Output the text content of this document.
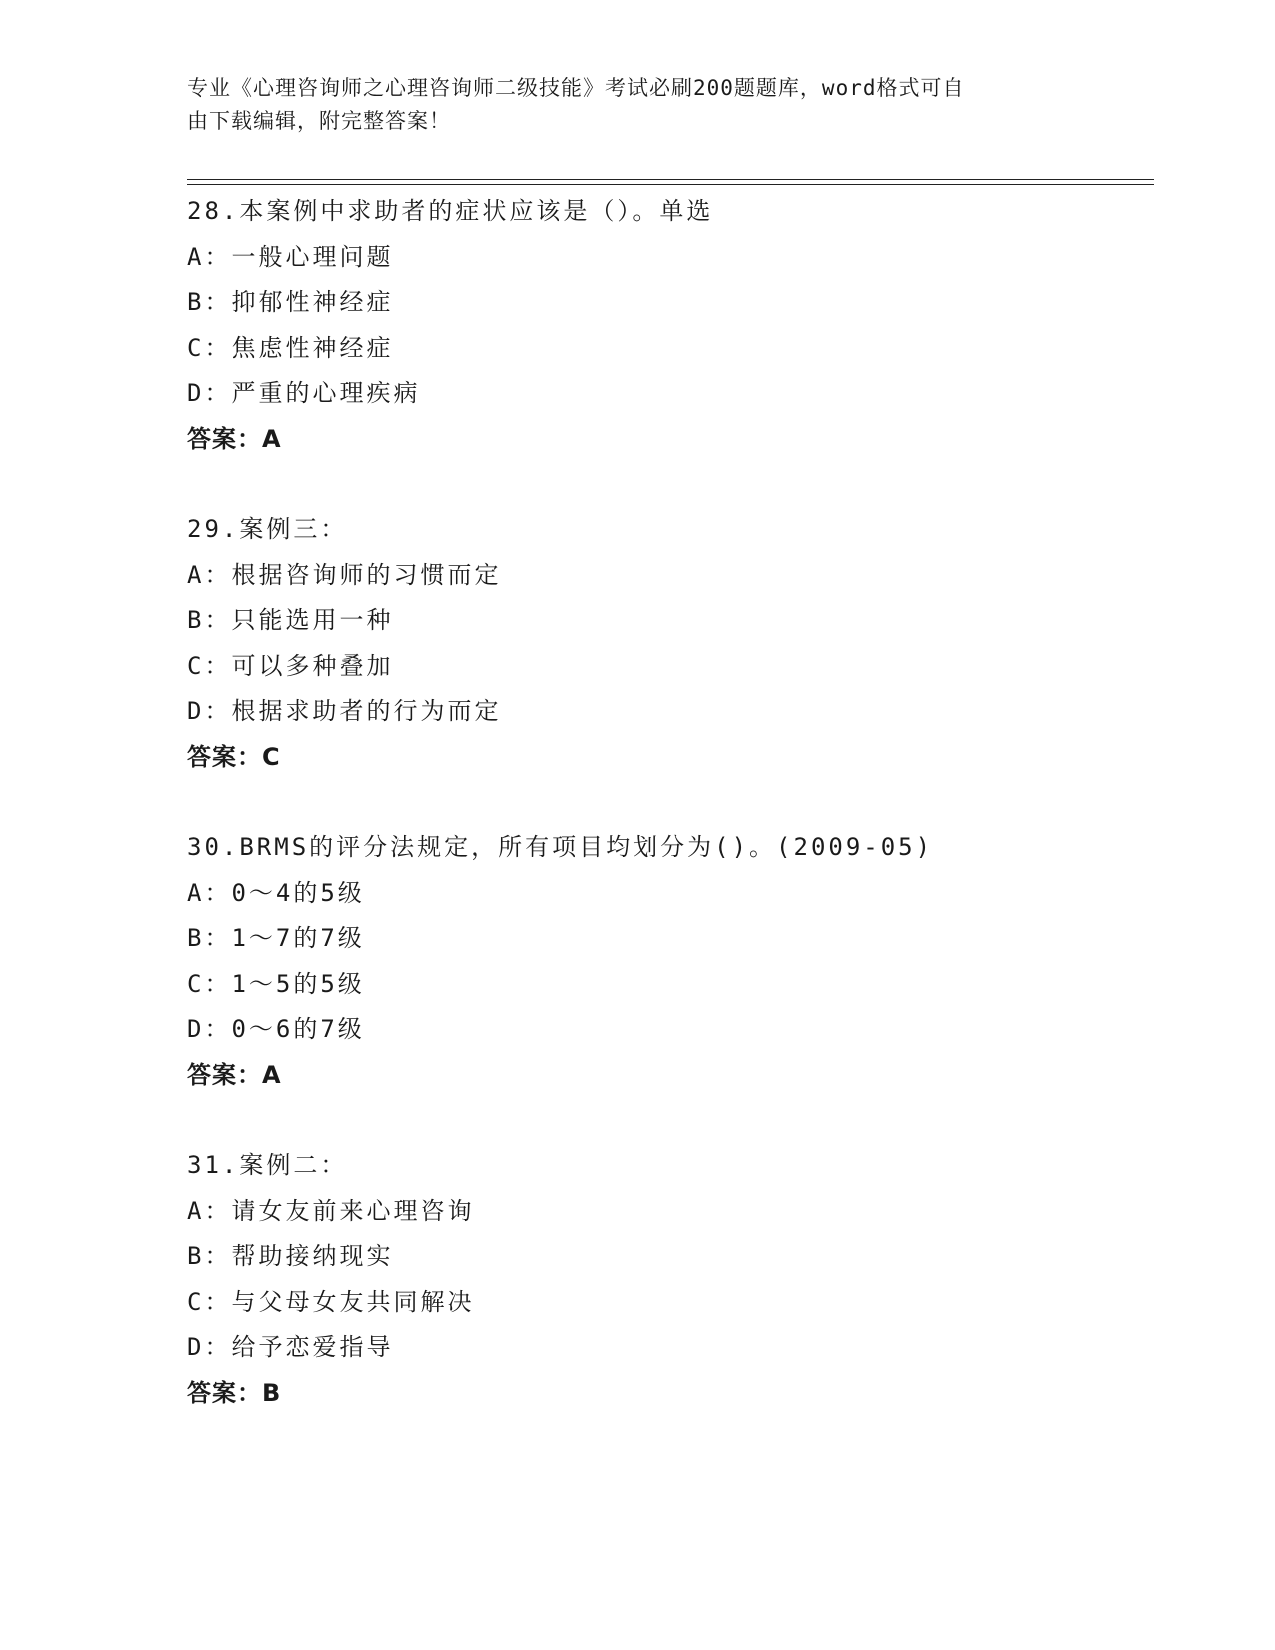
专业《心理咨询师之心理咨询师二级技能》考试必刷200题题库，word格式可自
由下载编辑，附完整答案！
28.本案例中求助者的症状应该是（）。单选
A：一般心理问题
B：抑郁性神经症
C：焦虑性神经症
D：严重的心理疾病
答案：A
29.案例三：
A：根据咨询师的习惯而定
B：只能选用一种
C：可以多种叠加
D：根据求助者的行为而定
答案：C
30.BRMS的评分法规定，所有项目均划分为()。(2009-05)
A：0～4的5级
B：1～7的7级
C：1～5的5级
D：0～6的7级
答案：A
31.案例二：
A：请女友前来心理咨询
B：帮助接纳现实
C：与父母女友共同解决
D：给予恋爱指导
答案：B
